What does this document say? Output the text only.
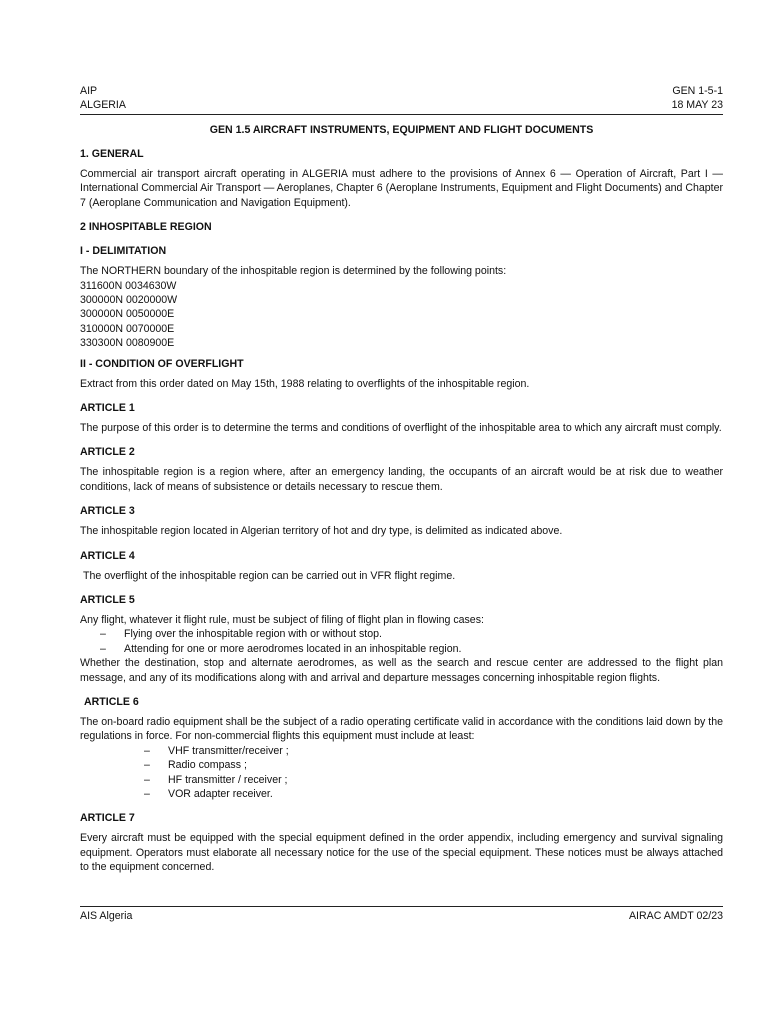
AIP
ALGERIA
GEN 1-5-1
18 MAY 23
GEN 1.5 AIRCRAFT INSTRUMENTS, EQUIPMENT AND FLIGHT DOCUMENTS
1. GENERAL
Commercial air transport aircraft operating in ALGERIA must adhere to the provisions of Annex 6 — Operation of Aircraft, Part I — International Commercial Air Transport — Aeroplanes, Chapter 6 (Aeroplane Instruments, Equipment and Flight Documents) and Chapter 7 (Aeroplane Communication and Navigation Equipment).
2 INHOSPITABLE REGION
I - DELIMITATION
The NORTHERN boundary of the inhospitable region is determined by the following points:
311600N 0034630W
300000N 0020000W
300000N 0050000E
310000N 0070000E
330300N 0080900E
II - CONDITION OF OVERFLIGHT
Extract from this order dated on May 15th, 1988 relating to overflights of the inhospitable region.
ARTICLE 1
The purpose of this order is to determine the terms and conditions of overflight of the inhospitable area to which any aircraft must comply.
ARTICLE 2
The inhospitable region is a region where, after an emergency landing, the occupants of an aircraft would be at risk due to weather conditions, lack of means of subsistence or details necessary to rescue them.
ARTICLE 3
The inhospitable region located in Algerian territory of hot and dry type, is delimited as indicated above.
ARTICLE 4
The overflight of the inhospitable region can be carried out in VFR flight regime.
ARTICLE 5
Any flight, whatever it flight rule, must be subject of filing of flight plan in flowing cases:
–	Flying over the inhospitable region with or without stop.
–	Attending for one or more aerodromes located in an inhospitable region.
Whether the destination, stop and alternate aerodromes, as well as the search and rescue center are addressed to the flight plan message, and any of its modifications along with and arrival and departure messages concerning inhospitable region flights.
ARTICLE 6
The on-board radio equipment shall be the subject of a radio operating certificate valid in accordance with the conditions laid down by the regulations in force. For non-commercial flights this equipment must include at least:
–	VHF transmitter/receiver ;
–	Radio compass ;
–	HF transmitter / receiver ;
–	VOR adapter receiver.
ARTICLE 7
Every aircraft must be equipped with the special equipment defined in the order appendix, including emergency and survival signaling equipment. Operators must elaborate all necessary notice for the use of the special equipment. These notices must be always attached to the equipment concerned.
AIS Algeria	AIRAC AMDT 02/23
